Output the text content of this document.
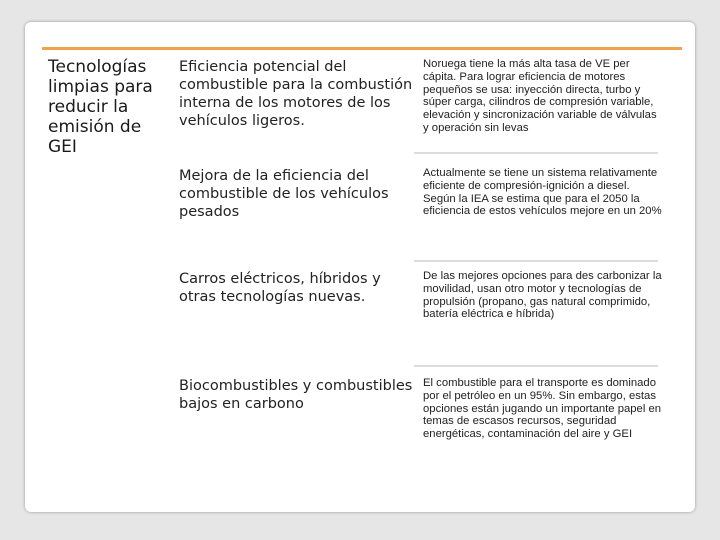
Tecnologías limpias para reducir la emisión de GEI
Eficiencia potencial del combustible para la combustión interna de los motores de los vehículos ligeros.
Noruega tiene la más alta tasa de VE per cápita. Para lograr eficiencia de motores pequeños se usa: inyección directa, turbo y súper carga, cilindros de compresión variable, elevación y sincronización variable de válvulas y operación sin levas
Mejora de la eficiencia del combustible de los vehículos pesados
Actualmente se tiene un sistema relativamente eficiente de compresión-ignición a diesel. Según la IEA se estima que para el 2050 la eficiencia de estos vehículos mejore en un 20%
Carros eléctricos, híbridos y otras tecnologías nuevas.
De las mejores opciones para des carbonizar la movilidad, usan otro motor y tecnologías de propulsión (propano, gas natural comprimido, batería eléctrica e híbrida)
Biocombustibles y combustibles bajos en carbono
El combustible para el transporte es dominado por el petróleo en un 95%. Sin embargo, estas opciones están jugando un importante papel en temas de escasos recursos, seguridad energéticas, contaminación del aire y GEI
